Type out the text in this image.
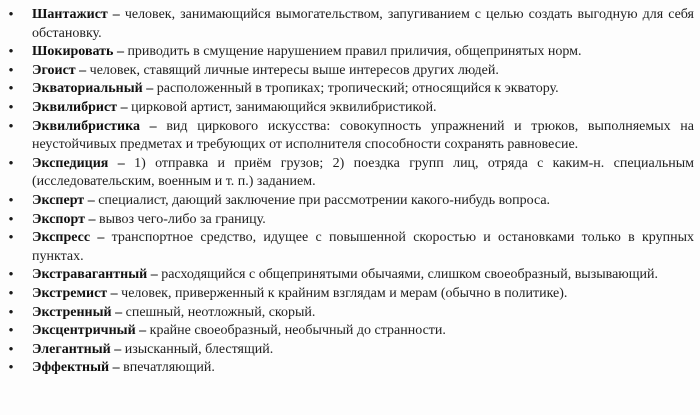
•	Шантажист – человек, занимающийся вымогательством, запугиванием с целью создать выгодную для себя обстановку.
•	Шокировать – приводить в смущение нарушением правил приличия, общепринятых норм.
•	Эгоист – человек, ставящий личные интересы выше интересов других людей.
•	Экваториальный – расположенный в тропиках; тропический; относящийся к экватору.
•	Эквилибрист – цирковой артист, занимающийся эквилибристикой.
•	Эквилибристика – вид циркового искусства: совокупность упражнений и трюков, выполняемых на неустойчивых предметах и требующих от исполнителя способности сохранять равновесие.
•	Экспедиция – 1) отправка и приём грузов; 2) поездка групп лиц, отряда с каким-н. специальным (исследовательским, военным и т. п.) заданием.
•	Эксперт – специалист, дающий заключение при рассмотрении какого-нибудь вопроса.
•	Экспорт – вывоз чего-либо за границу.
•	Экспресс – транспортное средство, идущее с повышенной скоростью и остановками только в крупных пунктах.
•	Экстравагантный – расходящийся с общепринятыми обычаями, слишком своеобразный, вызывающий.
•	Экстремист – человек, приверженный к крайним взглядам и мерам (обычно в политике).
•	Экстренный – спешный, неотложный, скорый.
•	Эксцентричный – крайне своеобразный, необычный до странности.
•	Элегантный – изысканный, блестящий.
•	Эффектный – впечатляющий.
